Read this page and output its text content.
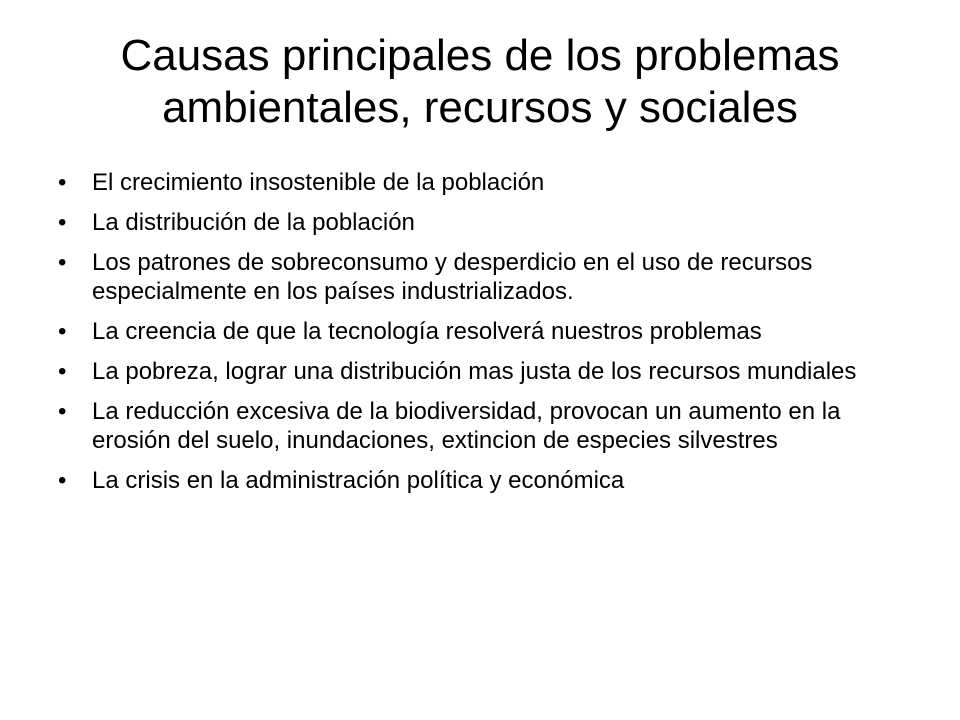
Causas principales de los problemas ambientales, recursos y sociales
• El crecimiento insostenible de la población
• La distribución de la población
• Los patrones de sobreconsumo y desperdicio en el uso de recursos especialmente en los países industrializados.
• La creencia de que la tecnología resolverá nuestros problemas
• La pobreza, lograr una distribución mas justa de los recursos mundiales
• La reducción excesiva de la biodiversidad, provocan un aumento en la erosión del suelo, inundaciones, extincion de especies silvestres
• La crisis en la administración política y económica
